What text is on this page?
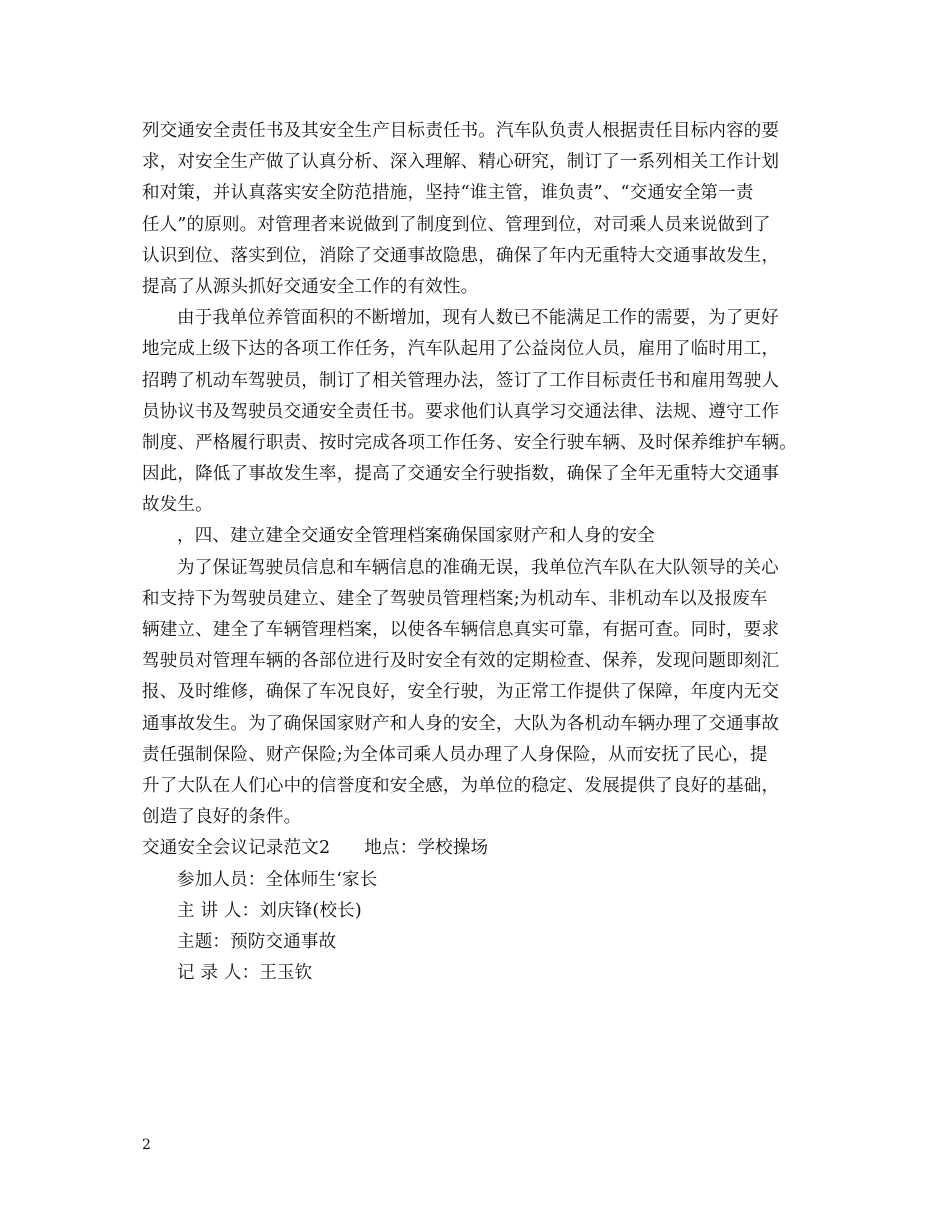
列交通安全责任书及其安全生产目标责任书。汽车队负责人根据责任目标内容的要
求，对安全生产做了认真分析、深入理解、精心研究，制订了一系列相关工作计划
和对策，并认真落实安全防范措施，坚持“谁主管，谁负责”、“交通安全第一责
任人”的原则。对管理者来说做到了制度到位、管理到位，对司乘人员来说做到了
认识到位、落实到位，消除了交通事故隐患，确保了年内无重特大交通事故发生，
提高了从源头抓好交通安全工作的有效性。
由于我单位养管面积的不断增加，现有人数已不能满足工作的需要，为了更好
地完成上级下达的各项工作任务，汽车队起用了公益岗位人员，雇用了临时用工，
招聘了机动车驾驶员，制订了相关管理办法，签订了工作目标责任书和雇用驾驶人
员协议书及驾驶员交通安全责任书。要求他们认真学习交通法律、法规、遵守工作
制度、严格履行职责、按时完成各项工作任务、安全行驶车辆、及时保养维护车辆。
因此，降低了事故发生率，提高了交通安全行驶指数，确保了全年无重特大交通事
故发生。
，四、建立建全交通安全管理档案确保国家财产和人身的安全
为了保证驾驶员信息和车辆信息的准确无误，我单位汽车队在大队领导的关心
和支持下为驾驶员建立、建全了驾驶员管理档案;为机动车、非机动车以及报废车
辆建立、建全了车辆管理档案，以使各车辆信息真实可靠，有据可查。同时，要求
驾驶员对管理车辆的各部位进行及时安全有效的定期检查、保养，发现问题即刻汇
报、及时维修，确保了车况良好，安全行驶，为正常工作提供了保障，年度内无交
通事故发生。为了确保国家财产和人身的安全，大队为各机动车辆办理了交通事故
责任强制保险、财产保险;为全体司乘人员办理了人身保险，从而安抚了民心，提
升了大队在人们心中的信誉度和安全感，为单位的稳定、发展提供了良好的基础，
创造了良好的条件。
交通安全会议记录范文2 地点：学校操场
参加人员：全体师生‘家长
主 讲 人：刘庆锋(校长)
主题：预防交通事故
记 录 人：王玉钦
2
